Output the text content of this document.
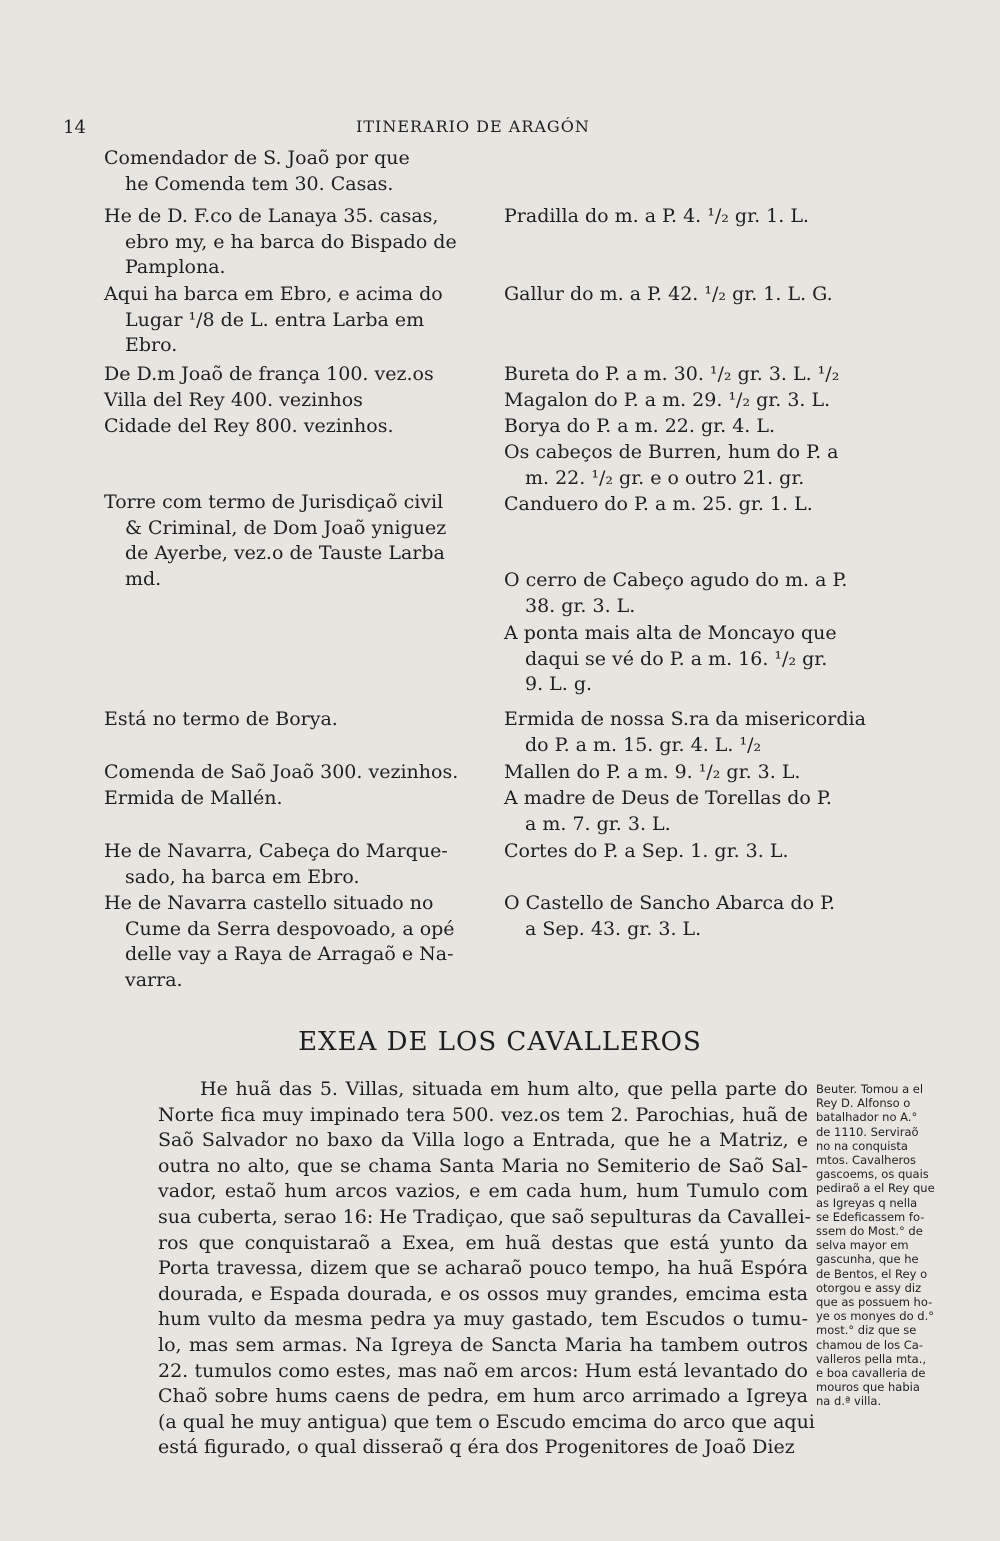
14	ITINERARIO DE ARAGÓN
Comendador de S. Joaõ por que
he Comenda tem 30. Casas.
He de D. F.co de Lanaya 35. casas,
ebro my, e ha barca do Bispado de
Pamplona.
Aqui ha barca em Ebro, e acima do
Lugar ¹/8 de L. entra Larba em
Ebro.
De D.m Joaõ de frança 100. vez.os
Villa del Rey 400. vezinhos
Cidade del Rey 800. vezinhos.
Torre com termo de Jurisdiçaõ civil
& Criminal, de Dom Joaõ yniguez
de Ayerbe, vez.o de Tauste Larba
md.
Está no termo de Borya.
Comenda de Saõ Joaõ 300. vezinhos.
Ermida de Mallén.
He de Navarra, Cabeça do Marque-
sado, ha barca em Ebro.
He de Navarra castello situado no
Cume da Serra despovoado, a opé
delle vay a Raya de Arragaõ e Na-
varra.
Pradilla do m. a P. 4. ¹/₂ gr. 1. L.
Gallur do m. a P. 42. ¹/₂ gr. 1. L. G.
Bureta do P. a m. 30. ¹/₂ gr. 3. L. ¹/₂
Magalon do P. a m. 29. ¹/₂ gr. 3. L.
Borya do P. a m. 22. gr. 4. L.
Os cabeços de Burren, hum do P. a
m. 22. ¹/₂ gr. e o outro 21. gr.
Canduero do P. a m. 25. gr. 1. L.
O cerro de Cabeço agudo do m. a P.
38. gr. 3. L.
A ponta mais alta de Moncayo que
daqui se vé do P. a m. 16. ¹/₂ gr.
9. L. g.
Ermida de nossa S.ra da misericordia
do P. a m. 15. gr. 4. L. ¹/₂
Mallen do P. a m. 9. ¹/₂ gr. 3. L.
A madre de Deus de Torellas do P.
a m. 7. gr. 3. L.
Cortes do P. a Sep. 1. gr. 3. L.
O Castello de Sancho Abarca do P.
a Sep. 43. gr. 3. L.
EXEA DE LOS CAVALLEROS
He huã das 5. Villas, situada em hum alto, que pella parte do
Norte fica muy impinado tera 500. vez.os tem 2. Parochias, huã de
Saõ Salvador no baxo da Villa logo a Entrada, que he a Matriz, e
outra no alto, que se chama Santa Maria no Semiterio de Saõ Sal-
vador, estaõ hum arcos vazios, e em cada hum, hum Tumulo com
sua cuberta, serao 16: He Tradiçao, que saõ sepulturas da Cavallei-
ros que conquistaraõ a Exea, em huã destas que está yunto da
Porta travessa, dizem que se acharaõ pouco tempo, ha huã Espóra
dourada, e Espada dourada, e os ossos muy grandes, emcima esta
hum vulto da mesma pedra ya muy gastado, tem Escudos o tumu-
lo, mas sem armas. Na Igreya de Sancta Maria ha tambem outros
22. tumulos como estes, mas naõ em arcos: Hum está levantado do
Chaõ sobre hums caens de pedra, em hum arco arrimado a Igreya
(a qual he muy antigua) que tem o Escudo emcima do arco que aqui
está figurado, o qual disseraõ q éra dos Progenitores de Joaõ Diez
Beuter. Tomou a el
Rey D. Alfonso o
batalhador no A.°
de 1110. Serviraõ
no na conquista
mtos. Cavalheros
gascoems, os quais
pediraõ a el Rey que
as Igreyas q nella
se Edeficassem fo-
ssem do Most.° de
selva mayor em
gascunha, que he
de Bentos, el Rey o
otorgou e assy diz
que as possuem ho-
ye os monyes do d.°
most.° diz que se
chamou de los Ca-
valleros pella mta.,
e boa cavalleria de
mouros que habia
na d.ª villa.
